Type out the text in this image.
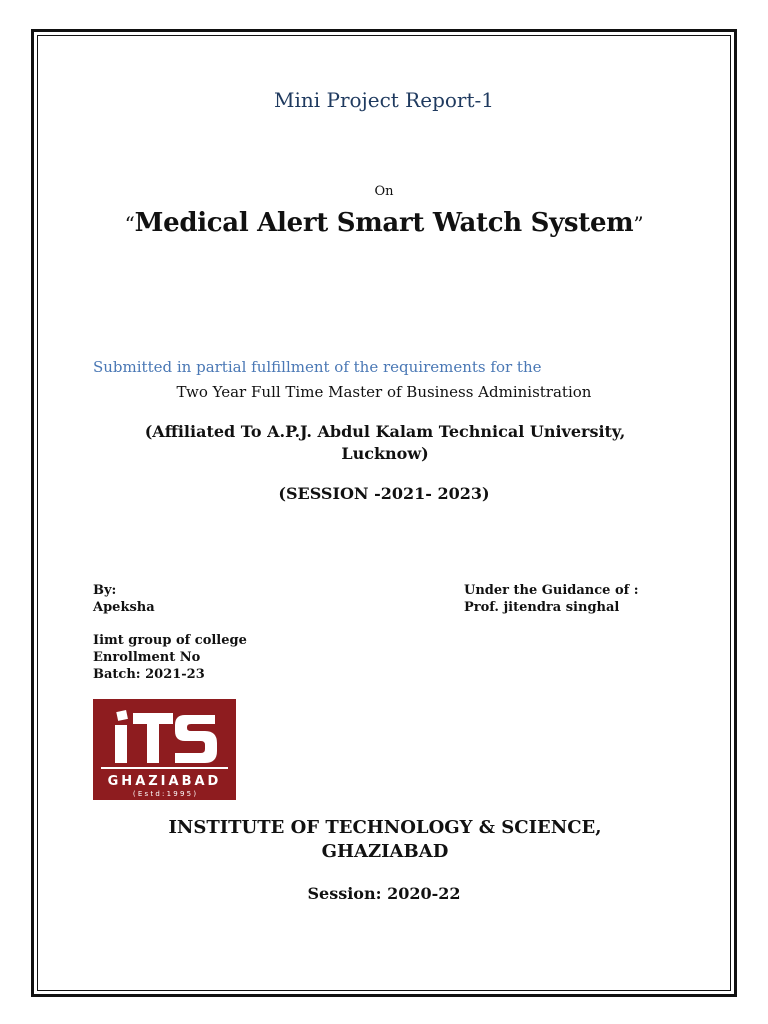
Mini Project Report-1
On
“Medical Alert Smart Watch System”
Submitted in partial fulfillment of the requirements for the
Two Year Full Time Master of Business Administration
(Affiliated To A.P.J. Abdul Kalam Technical University,
Lucknow)
(SESSION -2021- 2023)
By:
Apeksha
Under the Guidance of :
Prof. jitendra singhal
Iimt group of college
Enrollment No
Batch: 2021-23
GHAZIABAD
( E s t d : 1 9 9 5 )
INSTITUTE OF TECHNOLOGY & SCIENCE,
GHAZIABAD
Session: 2020-22
